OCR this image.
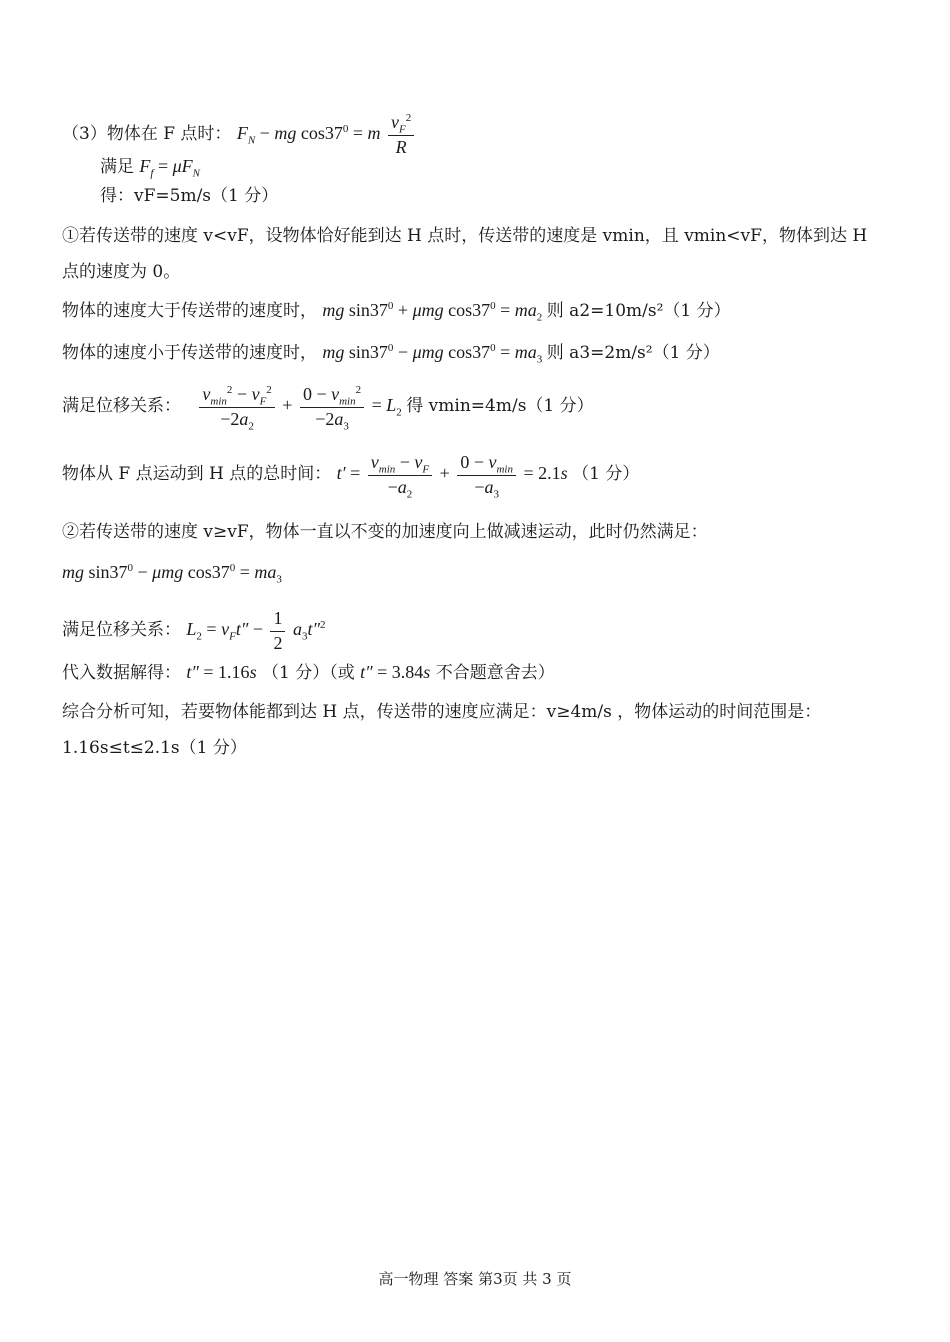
（3）物体在 F 点时： $F_N$ − mg $\cos 37^0 = m \frac{v_F^2}{R}$
满足 $F_f = \mu F_N$
得：vF=5m/s（1 分）
①若传送带的速度 v<vF，设物体恰好能到达 H 点时，传送带的速度是 vmin，且 vmin<vF，物体到达 H
点的速度为 0。
物体的速度大于传送带的速度时， mg $\sin 37^0 + \mu mg$ $\cos 37^0 = ma_2$ 则 a2=10m/s²（1 分）
物体的速度小于传送带的速度时， mg $\sin 37^0 - \mu mg$ $\cos 37^0 = ma_3$ 则 a3=2m/s²（1 分）
满足位移关系： $\frac{v_{min}^2 - v_F^2}{-2a_2} + \frac{0 - v_{min}^2}{-2a_3} = L_2$ 得 vmin=4m/s（1 分）
物体从 F 点运动到 H 点的总时间： $t' = \frac{v_{min} - v_F}{-a_2} + \frac{0 - v_{min}}{-a_3} = 2.1s$ （1 分）
②若传送带的速度 v≥vF，物体一直以不变的加速度向上做减速运动，此时仍然满足：
mg $\sin 37^0 - \mu mg$ $\cos 37^0 = ma_3$
满足位移关系： $L_2 = v_Ft'' - \frac{1}{2} a_3t''^2$
代入数据解得： t″ = 1.16s （1 分）（或 t″ = 3.84s 不合题意舍去）
综合分析可知，若要物体能都到达 H 点，传送带的速度应满足：v≥4m/s ，物体运动的时间范围是：
1.16s≤t≤2.1s（1 分）
高一物理 答案 第3页 共 3 页
